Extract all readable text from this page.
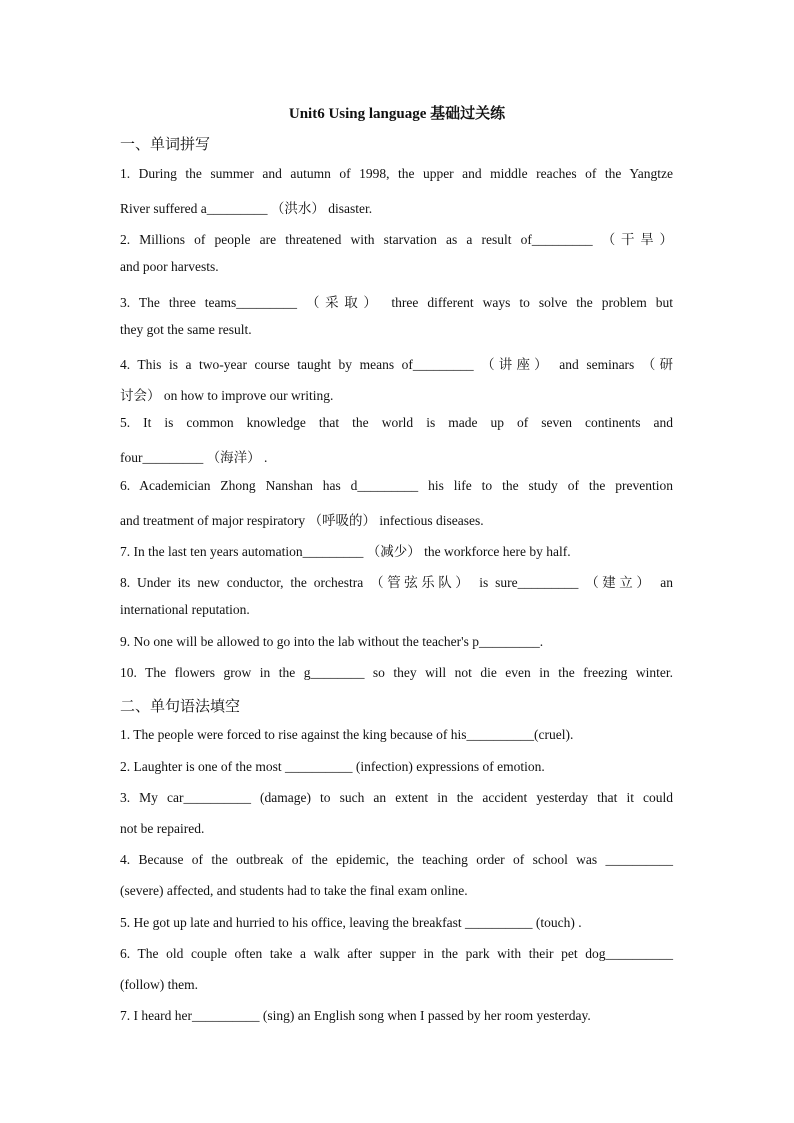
Unit6 Using language 基础过关练
一、单词拼写
1. During the summer and autumn of 1998, the upper and middle reaches of the Yangtze
River suffered a_________ （洪水） disaster.
2. Millions of people are threatened with starvation as a result of_________ （干旱）
and poor harvests.
3. The three teams_________ （采取） three different ways to solve the problem but
they got the same result.
4. This is a two-year course taught by means of_________ （讲座） and seminars （研
讨会） on how to improve our writing.
5. It is common knowledge that the world is made up of seven continents and
four_________ （海洋） .
6. Academician Zhong Nanshan has d_________ his life to the study of the prevention
and treatment of major respiratory （呼吸的） infectious diseases.
7. In the last ten years automation_________ （减少） the workforce here by half.
8. Under its new conductor, the orchestra （管弦乐队） is sure_________ （建立） an
international reputation.
9. No one will be allowed to go into the lab without the teacher's p_________.
10. The flowers grow in the g________ so they will not die even in the freezing winter.
二、单句语法填空
1. The people were forced to rise against the king because of his__________(cruel).
2. Laughter is one of the most __________ (infection) expressions of emotion.
3. My car__________ (damage) to such an extent in the accident yesterday that it could
not be repaired.
4. Because of the outbreak of the epidemic, the teaching order of school was __________
(severe) affected, and students had to take the final exam online.
5. He got up late and hurried to his office, leaving the breakfast __________ (touch) .
6. The old couple often take a walk after supper in the park with their pet dog__________
(follow) them.
7. I heard her__________ (sing) an English song when I passed by her room yesterday.
